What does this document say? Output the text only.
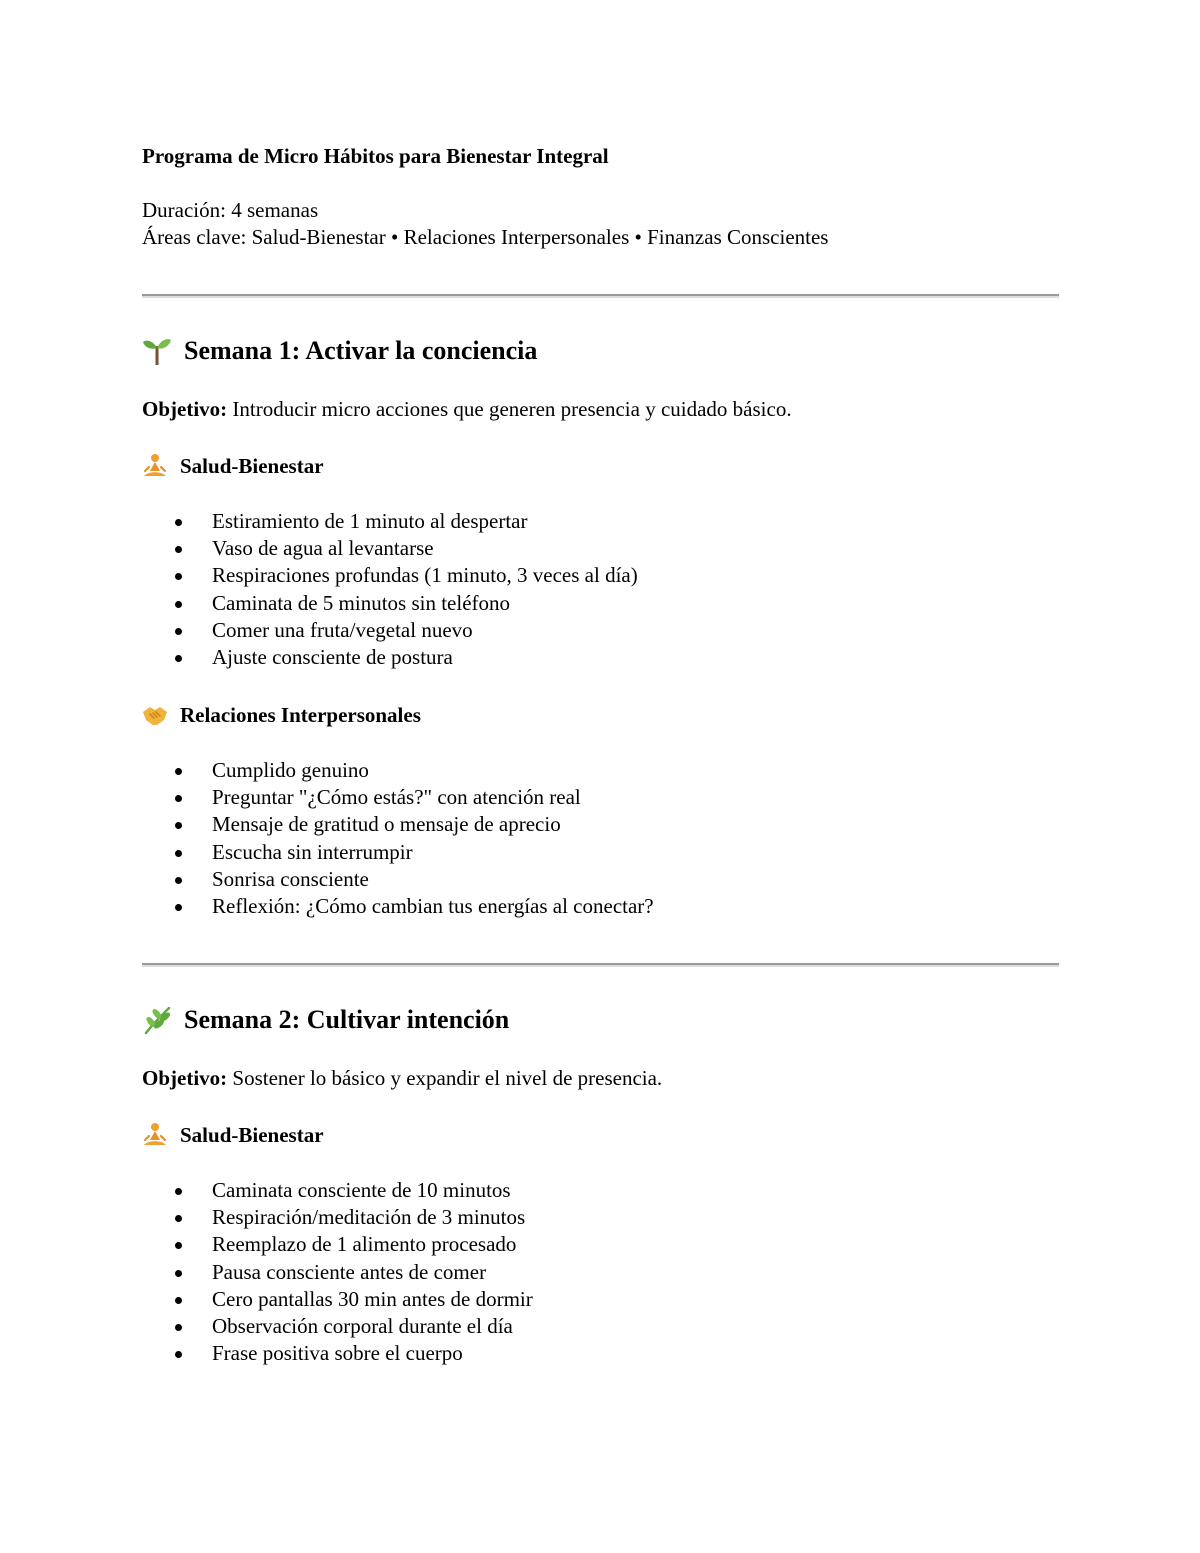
Programa de Micro Hábitos para Bienestar Integral

Duración: 4 semanas

Áreas clave: Salud-Bienestar • Relaciones Interpersonales • Finanzas Conscientes

Semana 1: Activar la conciencia

Objetivo: Introducir micro acciones que generen presencia y cuidado básico.

Salud-Bienestar
Estiramiento de 1 minuto al despertar
Vaso de agua al levantarse
Respiraciones profundas (1 minuto, 3 veces al día)
Caminata de 5 minutos sin teléfono
Comer una fruta/vegetal nuevo
Ajuste consciente de postura
Relaciones Interpersonales
Cumplido genuino
Preguntar "¿Cómo estás?" con atención real
Mensaje de gratitud o mensaje de aprecio
Escucha sin interrumpir
Sonrisa consciente
Reflexión: ¿Cómo cambian tus energías al conectar?
Semana 2: Cultivar intención

Objetivo: Sostener lo básico y expandir el nivel de presencia.

Salud-Bienestar
Caminata consciente de 10 minutos
Respiración/meditación de 3 minutos
Reemplazo de 1 alimento procesado
Pausa consciente antes de comer
Cero pantallas 30 min antes de dormir
Observación corporal durante el día
Frase positiva sobre el cuerpo
